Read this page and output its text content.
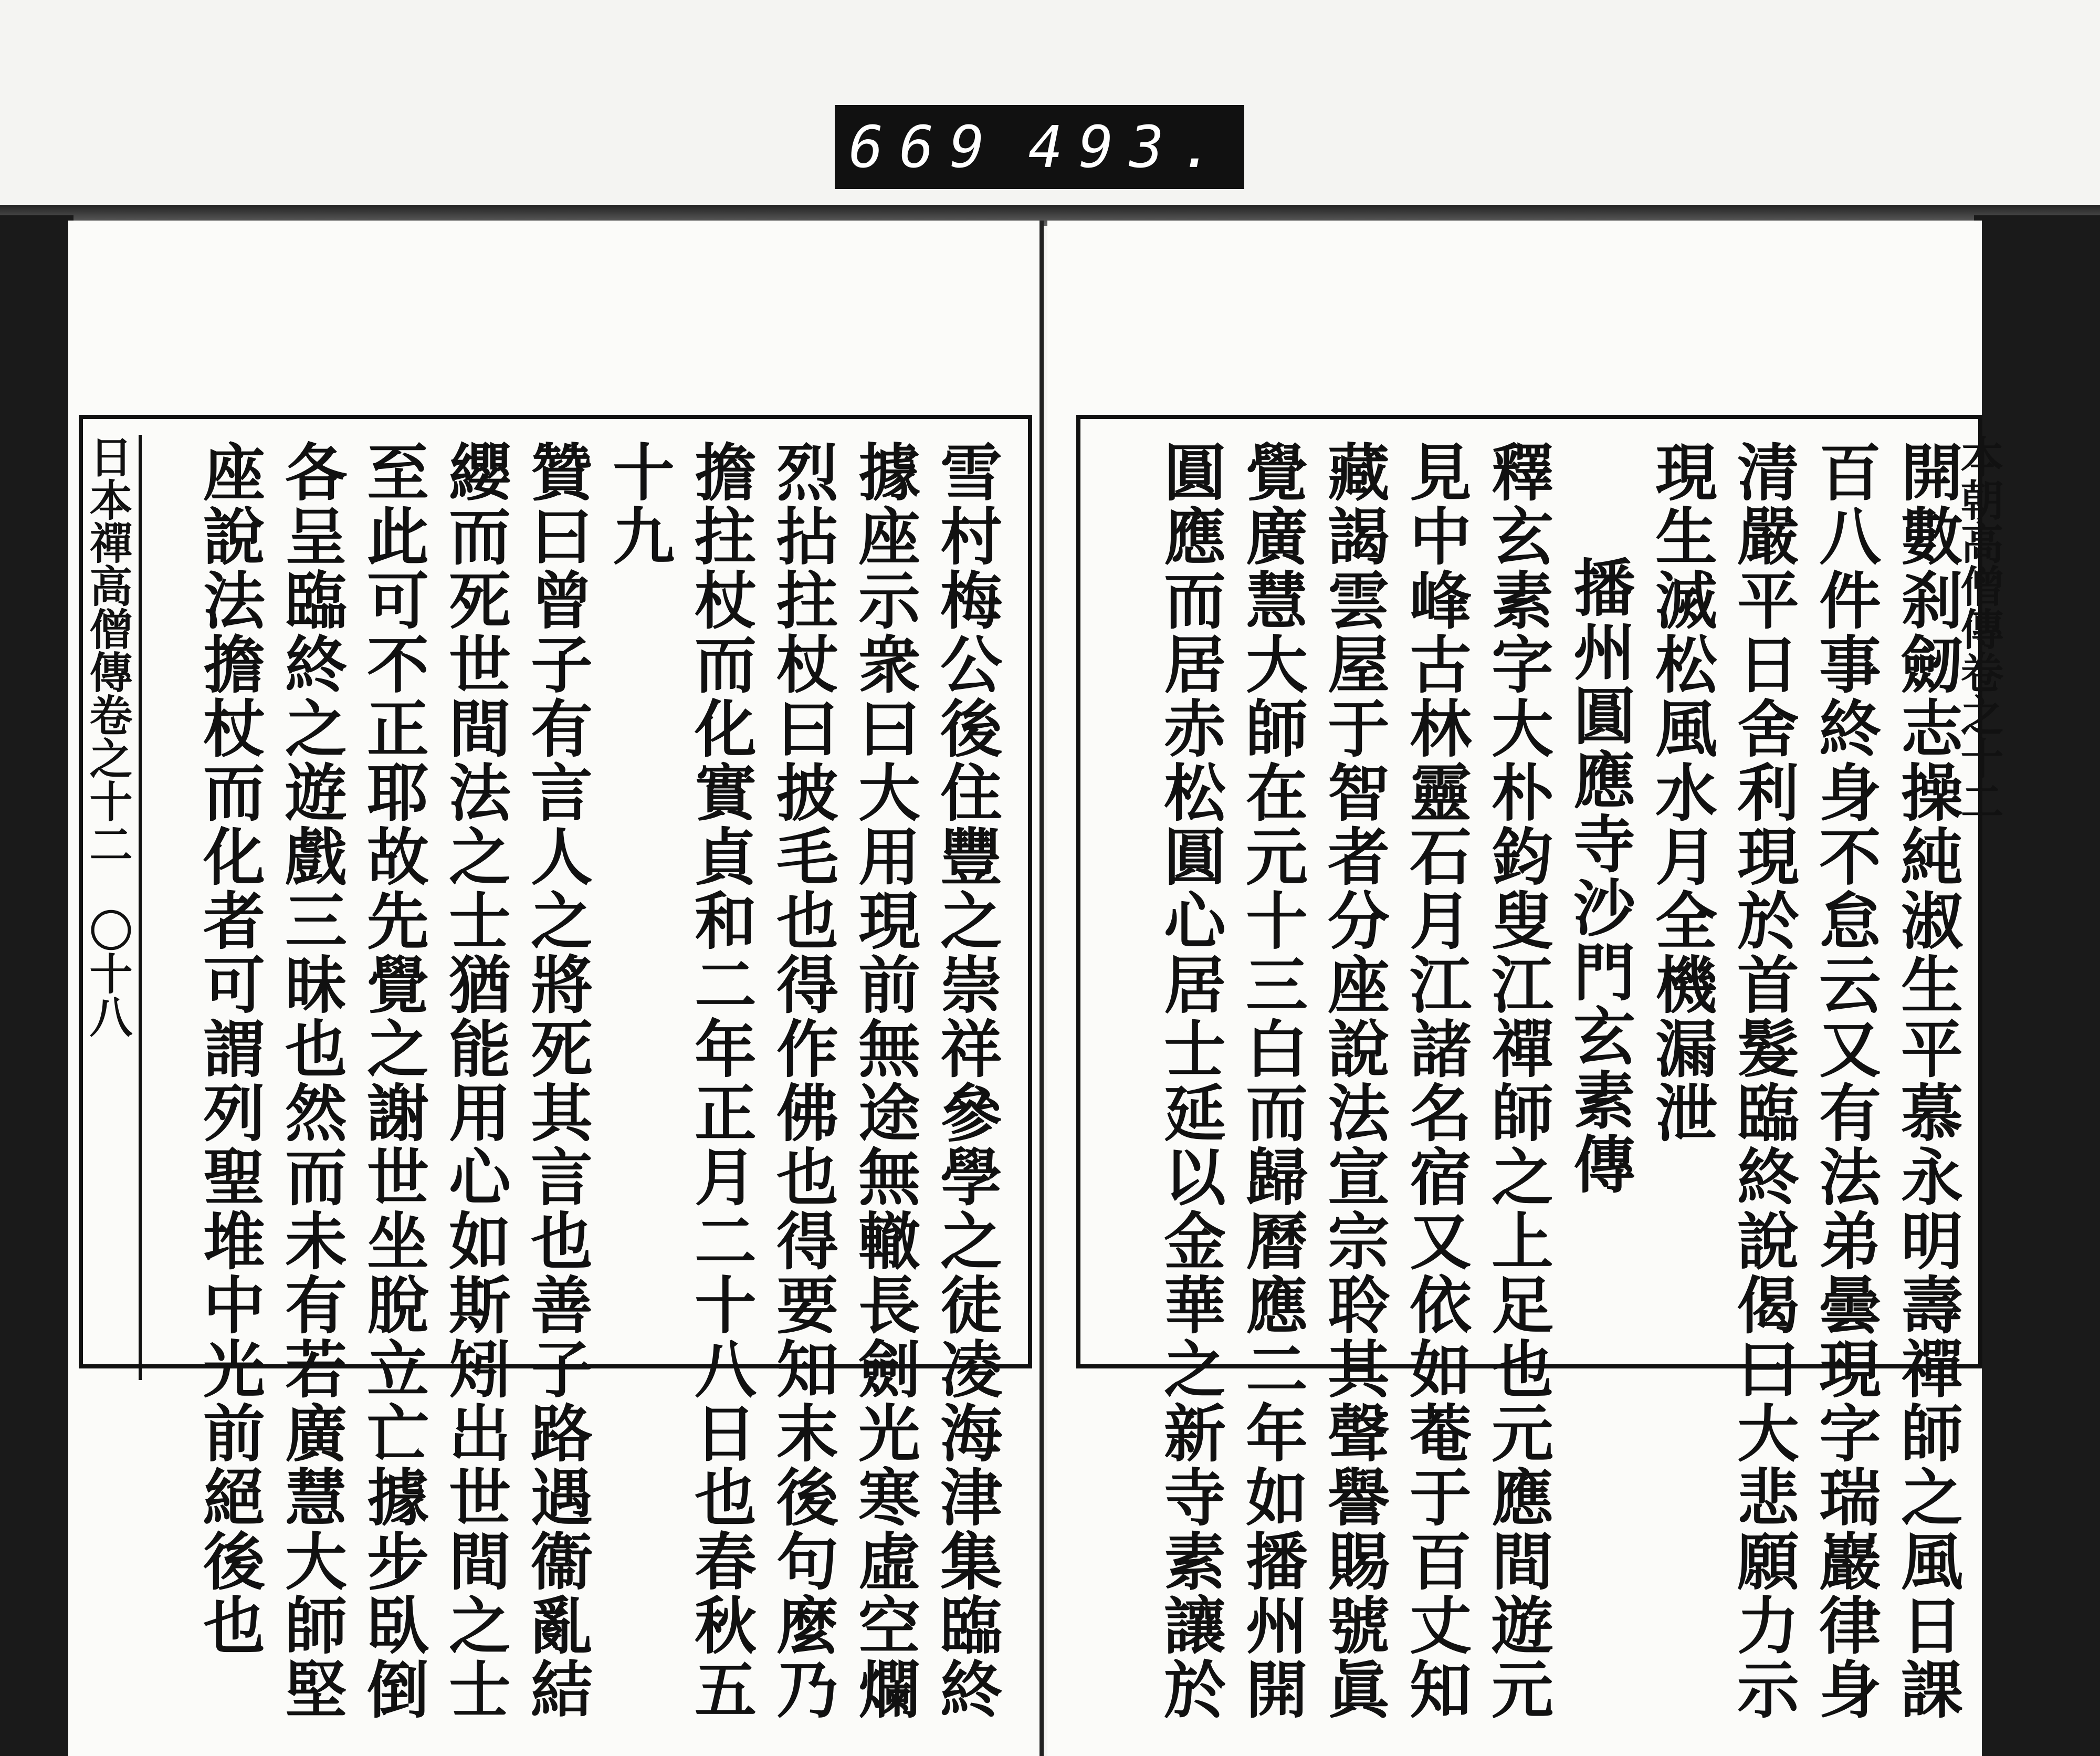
669 493.
日本禪高僧傳卷之十二　〇十八	雪村梅公後住豐之崇祥參學之徒凌海津集臨終
據座示衆曰大用現前無途無轍長劍光寒虛空爛
烈拈拄杖曰披毛也得作佛也得要知末後句麼乃
擔拄杖而化實貞和二年正月二十八日也春秋五
十九
贊曰曾子有言人之將死其言也善子路遇衞亂結
纓而死世間法之士猶能用心如斯矧出世間之士
至此可不正耶故先覺之謝世坐脫立亡據步臥倒
各呈臨終之遊戲三昧也然而未有若廣慧大師堅
座說法擔杖而化者可謂列聖堆中光前絕後也	開數刹劒志操純淑生平慕永明壽禪師之風日課
百八件事終身不怠云又有法弟曇現字瑞巖律身
清嚴平日舍利現於首髮臨終說偈曰大悲願力示
現生滅松風水月全機漏泄
播州圓應寺沙門玄素傳
釋玄素字大朴鈞叟江禪師之上足也元應間遊元
見中峰古林靈石月江諸名宿又依如菴于百丈知
藏謁雲屋于智者分座說法宣宗聆其聲譽賜號眞
覺廣慧大師在元十三白而歸曆應二年如播州開
圓應而居赤松圓心居士延以金華之新寺素讓於	本朝高僧傳卷之十二
